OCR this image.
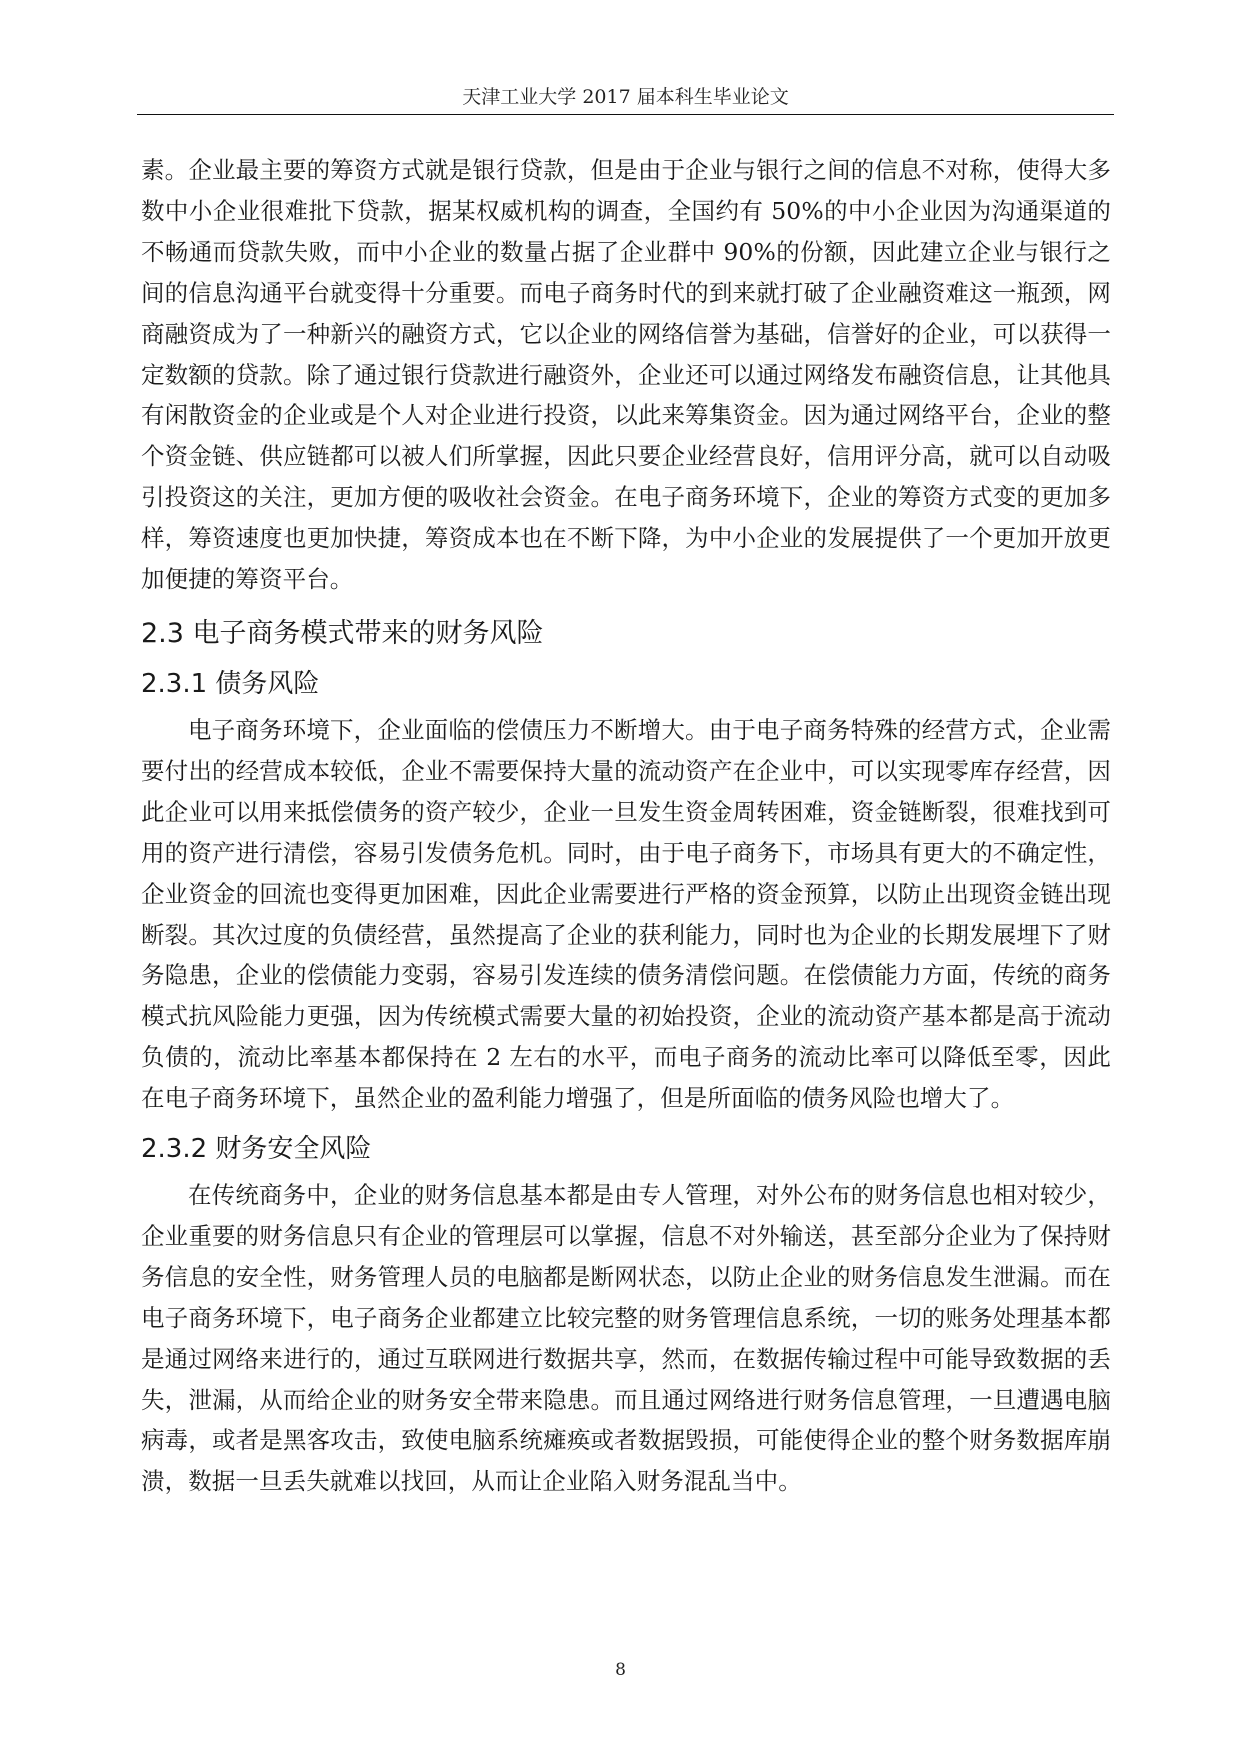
天津工业大学 2017 届本科生毕业论文

素。企业最主要的筹资方式就是银行贷款，但是由于企业与银行之间的信息不对称，使得大多数中小企业很难批下贷款，据某权威机构的调查，全国约有 50%的中小企业因为沟通渠道的不畅通而贷款失败，而中小企业的数量占据了企业群中 90%的份额，因此建立企业与银行之间的信息沟通平台就变得十分重要。而电子商务时代的到来就打破了企业融资难这一瓶颈，网商融资成为了一种新兴的融资方式，它以企业的网络信誉为基础，信誉好的企业，可以获得一定数额的贷款。除了通过银行贷款进行融资外，企业还可以通过网络发布融资信息，让其他具有闲散资金的企业或是个人对企业进行投资，以此来筹集资金。因为通过网络平台，企业的整个资金链、供应链都可以被人们所掌握，因此只要企业经营良好，信用评分高，就可以自动吸引投资这的关注，更加方便的吸收社会资金。在电子商务环境下，企业的筹资方式变的更加多样，筹资速度也更加快捷，筹资成本也在不断下降，为中小企业的发展提供了一个更加开放更加便捷的筹资平台。

2.3 电子商务模式带来的财务风险
2.3.1 债务风险

电子商务环境下，企业面临的偿债压力不断增大。由于电子商务特殊的经营方式，企业需要付出的经营成本较低，企业不需要保持大量的流动资产在企业中，可以实现零库存经营，因此企业可以用来抵偿债务的资产较少，企业一旦发生资金周转困难，资金链断裂，很难找到可用的资产进行清偿，容易引发债务危机。同时，由于电子商务下，市场具有更大的不确定性，企业资金的回流也变得更加困难，因此企业需要进行严格的资金预算，以防止出现资金链出现断裂。其次过度的负债经营，虽然提高了企业的获利能力，同时也为企业的长期发展埋下了财务隐患，企业的偿债能力变弱，容易引发连续的债务清偿问题。在偿债能力方面，传统的商务模式抗风险能力更强，因为传统模式需要大量的初始投资，企业的流动资产基本都是高于流动负债的，流动比率基本都保持在 2 左右的水平，而电子商务的流动比率可以降低至零，因此在电子商务环境下，虽然企业的盈利能力增强了，但是所面临的债务风险也增大了。

2.3.2 财务安全风险

在传统商务中，企业的财务信息基本都是由专人管理，对外公布的财务信息也相对较少，企业重要的财务信息只有企业的管理层可以掌握，信息不对外输送，甚至部分企业为了保持财务信息的安全性，财务管理人员的电脑都是断网状态，以防止企业的财务信息发生泄漏。而在电子商务环境下，电子商务企业都建立比较完整的财务管理信息系统，一切的账务处理基本都是通过网络来进行的，通过互联网进行数据共享，然而，在数据传输过程中可能导致数据的丢失，泄漏，从而给企业的财务安全带来隐患。而且通过网络进行财务信息管理，一旦遭遇电脑病毒，或者是黑客攻击，致使电脑系统瘫痪或者数据毁损，可能使得企业的整个财务数据库崩溃，数据一旦丢失就难以找回，从而让企业陷入财务混乱当中。

8
